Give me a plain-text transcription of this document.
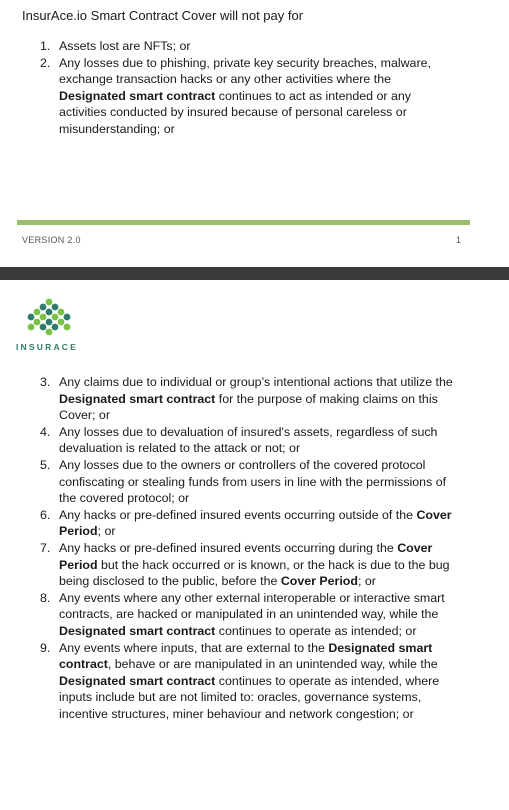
InsurAce.io Smart Contract Cover will not pay for
1. Assets lost are NFTs; or
2. Any losses due to phishing, private key security breaches, malware, exchange transaction hacks or any other activities where the Designated smart contract continues to act as intended or any activities conducted by insured because of personal careless or misunderstanding; or
VERSION 2.0	1
INSURACE
3. Any claims due to individual or group’s intentional actions that utilize the Designated smart contract for the purpose of making claims on this Cover; or
4. Any losses due to devaluation of insured's assets, regardless of such devaluation is related to the attack or not; or
5. Any losses due to the owners or controllers of the covered protocol confiscating or stealing funds from users in line with the permissions of the covered protocol; or
6. Any hacks or pre-defined insured events occurring outside of the Cover Period; or
7. Any hacks or pre-defined insured events occurring during the Cover Period but the hack occurred or is known, or the hack is due to the bug being disclosed to the public, before the Cover Period; or
8. Any events where any other external interoperable or interactive smart contracts, are hacked or manipulated in an unintended way, while the Designated smart contract continues to operate as intended; or
9. Any events where inputs, that are external to the Designated smart contract, behave or are manipulated in an unintended way, while the Designated smart contract continues to operate as intended, where inputs include but are not limited to: oracles, governance systems, incentive structures, miner behaviour and network congestion; or
